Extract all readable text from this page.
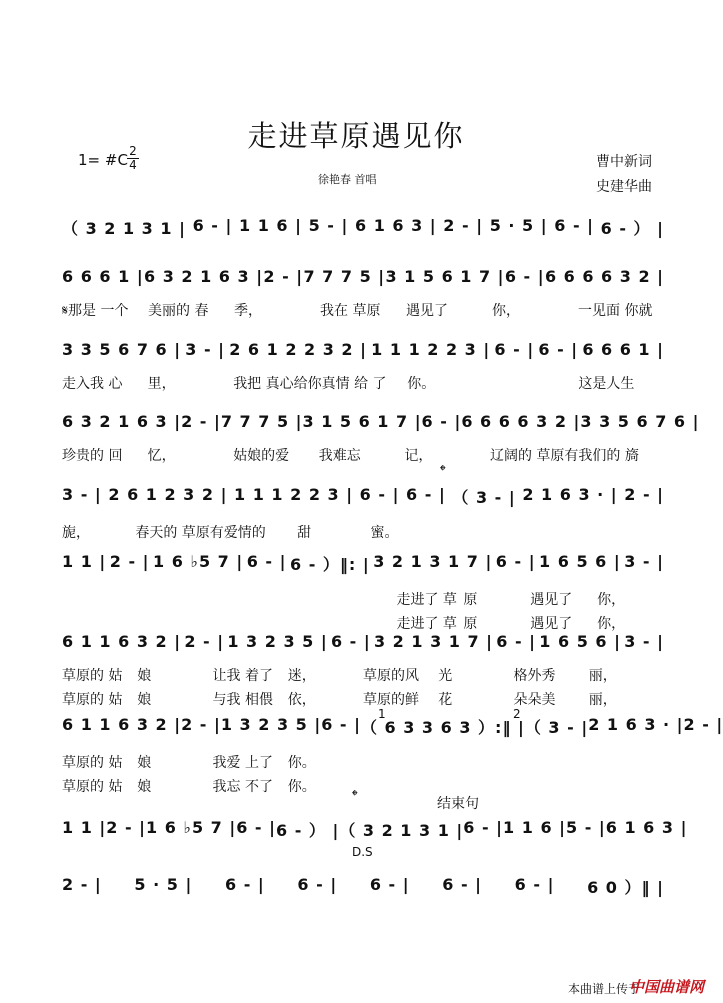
走进草原遇见你
1= #C 2
4
徐艳春 首唱
曹中新词
史建华曲
（ 3 2 1 3 1 | 6 - | 1 1 6 | 5 - | 6 1 6 3 | 2 - | 5 · 5 | 6 - | 6 - ） |
6 6 6 1 | 6 3 2 1 6 3 | 2 - | 7 7 7 5 | 3 1 5 6 1 7 | 6 - | 6 6 6 6 3 2 |
𝄋那是 一个	美丽的 春	季，	我在 草原	遇见了	你，	一见面 你就
3 3 5 6 7 6 | 3 - | 2 6 1 2 2 3 2 | 1 1 1 2 2 3 | 6 - | 6 - | 6 6 6 1 |
走入我 心	里，	我把 真心给你 真情 给 了	你。	这是人生
6 3 2 1 6 3 | 2 - | 7 7 7 5 | 3 1 5 6 1 7 | 6 - | 6 6 6 6 3 2 | 3 3 5 6 7 6 |
珍贵的 回	忆，	姑娘的爱	我难忘	记，	辽阔的 草原有 我们的 旖
3 - | 2 6 1 2 3 2 | 1 1 1 2 2 3 | 6 - | 6 - | （ 3 - | 2 1 6 3 · | 2 - |
旎，	春天的 草原有 爱情的	甜	蜜。
1 1 | 2 - | 1 6 ♭5 7 | 6 - | 6 - ）‖: | 3 2 1 3 1 7 | 6 - | 1 6 5 6 | 3 - |
走进了 草 原	遇见了	你，
走进了 草 原	遇见了	你，
6 1 1 6 3 2 | 2 - | 1 3 2 3 5 | 6 - | 3 2 1 3 1 7 | 6 - | 1 6 5 6 | 3 - |
草原的 姑	娘	让我 着了	迷，	草原的风	光	格外秀	丽，
草原的 姑	娘	与我 相偎	依，	草原的鲜	花	朵朵美	丽，
6 1 1 6 3 2 | 2 - | 1 3 2 3 5 | 6 - | （ 6 3 3 6 3 ）:‖ | （ 3 - | 2 1 6 3 · | 2 - |
草原的 姑	娘	我爱 上了	你。
草原的 姑	娘	我忘 不了	你。
1 1 | 2 - | 1 6 ♭5 7 | 6 - | 6 - ） | （ 3 2 1 3 1 | 6 - | 1 1 6 | 5 - | 6 1 6 3 |
2 - | 5 · 5 | 6 - | 6 - | 6 - | 6 - | 6 - | 6 0 ）‖ |
1	2
结束句
D.S
𝄌
𝄌
本曲谱上传于
中国曲谱网
